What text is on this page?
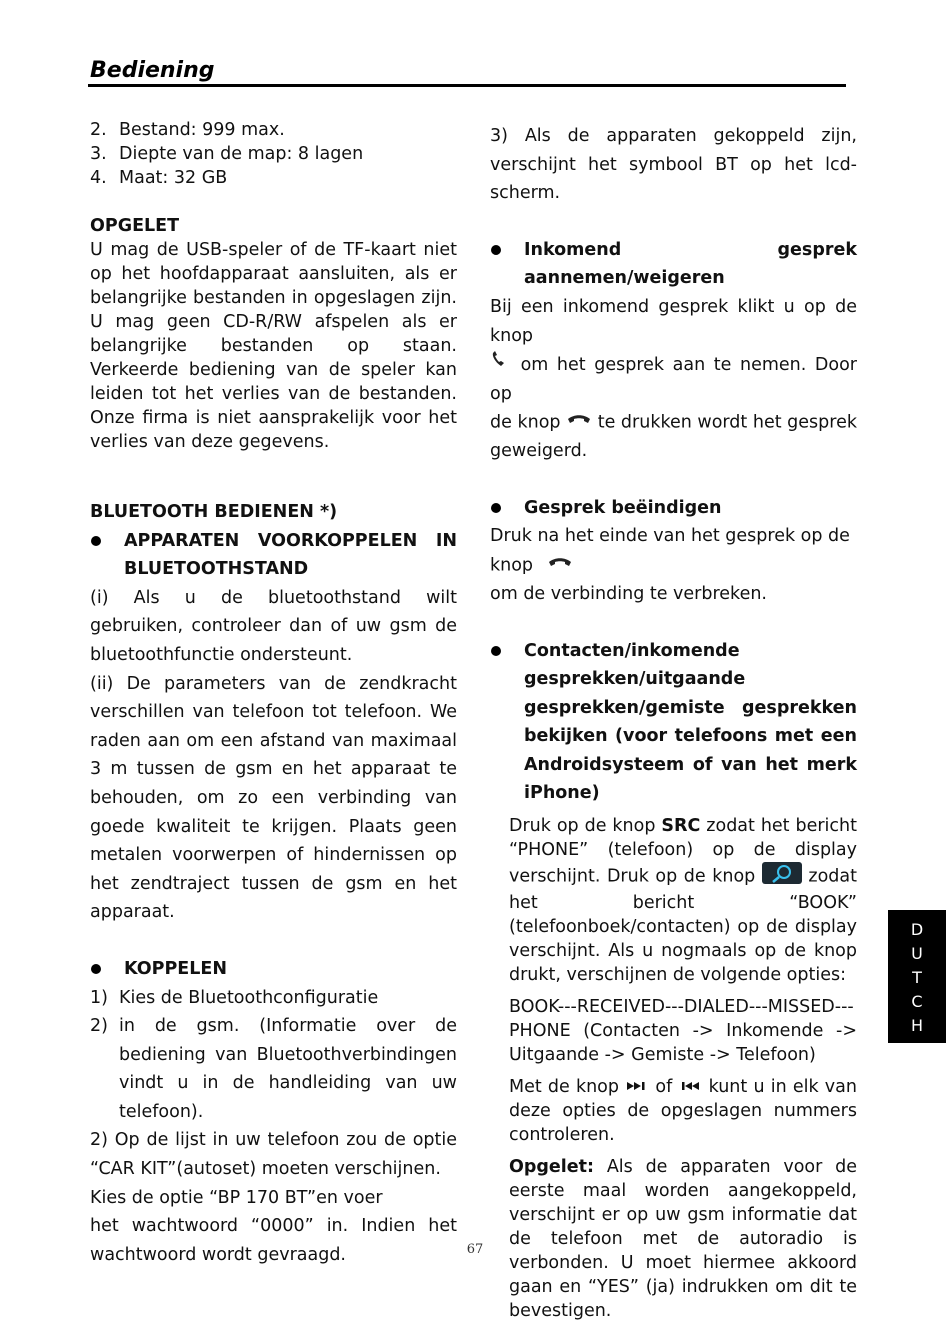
Bediening
2. Bestand: 999 max.
3. Diepte van de map: 8 lagen
4. Maat: 32 GB

OPGELET

U mag de USB-speler of de TF-kaart niet op het hoofdapparaat aansluiten, als er belangrijke bestanden in opgeslagen zijn. U mag geen CD-R/RW afspelen als er belangrijke bestanden op staan. Verkeerde bediening van de speler kan leiden tot het verlies van de bestanden. Onze firma is niet aansprakelijk voor het verlies van deze gegevens.

BLUETOOTH BEDIENEN *)

APPARATEN VOORKOPPELEN IN BLUETOOTHSTAND

(i) Als u de bluetoothstand wilt gebruiken, controleer dan of uw gsm de bluetoothfunctie ondersteunt.

(ii) De parameters van de zendkracht verschillen van telefoon tot telefoon. We raden aan om een afstand van maximaal 3 m tussen de gsm en het apparaat te behouden, om zo een verbinding van goede kwaliteit te krijgen. Plaats geen metalen voorwerpen of hindernissen op het zendtraject tussen de gsm en het apparaat.

KOPPELEN
1) Kies de Bluetoothconfiguratie
2) in de gsm. (Informatie over de bediening van Bluetoothverbindingen vindt u in de handleiding van uw telefoon).

2) Op de lijst in uw telefoon zou de optie “CAR KIT”(autoset) moeten verschijnen.

Kies de optie “BP 170 BT”en voer

het wachtwoord “0000” in. Indien het wachtwoord wordt gevraagd.

3) Als de apparaten gekoppeld zijn, verschijnt het symbool BT op het lcd-scherm.

Inkomend gesprek aannemen/weigeren

Bij een inkomend gesprek klikt u op de knop

om het gesprek aan te nemen. Door op

de knop te drukken wordt het gesprek

geweigerd.

Gesprek beëindigen

Druk na het einde van het gesprek op de

knop

om de verbinding te verbreken.

Contacten/inkomende gesprekken/uitgaande gesprekken/gemiste gesprekken bekijken (voor telefoons met een Androidsysteem of van het merk iPhone)

Druk op de knop SRC zodat het bericht “PHONE” (telefoon) op de display verschijnt. Druk op de knop	zodat het bericht “BOOK” (telefoonboek/contacten) op de display verschijnt. Als u nogmaals op de knop drukt, verschijnen de volgende opties:

BOOK---RECEIVED---DIALED---MISSED---PHONE (Contacten -> Inkomende -> Uitgaande -> Gemiste -> Telefoon)

Met de knop of kunt u in elk van deze opties de opgeslagen nummers controleren.

Opgelet: Als de apparaten voor de eerste maal worden aangekoppeld, verschijnt er op uw gsm informatie dat de telefoon met de autoradio is verbonden. U moet hiermee akkoord gaan en “YES” (ja) indrukken om dit te bevestigen.

D
U
T
C
H
67
